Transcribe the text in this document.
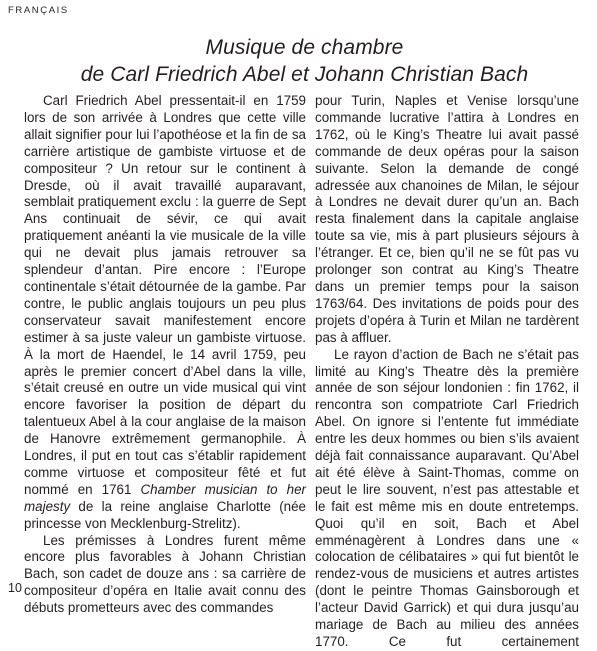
FRANÇAIS
Musique de chambre
de Carl Friedrich Abel et Johann Christian Bach

Carl Friedrich Abel pressentait-il en 1759 lors de son arrivée à Londres que cette ville allait signifier pour lui l’apothéose et la fin de sa carrière artistique de gambiste virtuose et de compositeur ? Un retour sur le continent à Dresde, où il avait travaillé auparavant, semblait pratiquement exclu : la guerre de Sept Ans continuait de sévir, ce qui avait pratiquement anéanti la vie musicale de la ville qui ne devait plus jamais retrouver sa splendeur d’antan. Pire encore : l’Europe continentale s’était détournée de la gambe. Par contre, le public anglais toujours un peu plus conservateur savait manifestement encore estimer à sa juste valeur un gambiste virtuose. À la mort de Haendel, le 14 avril 1759, peu après le premier concert d’Abel dans la ville, s’était creusé en outre un vide musical qui vint encore favoriser la position de départ du talentueux Abel à la cour anglaise de la maison de Hanovre extrêmement germanophile. À Londres, il put en tout cas s’établir rapidement comme virtuose et compositeur fêté et fut nommé en 1761 Chamber musician to her majesty de la reine anglaise Charlotte (née princesse von Mecklenburg-Strelitz).

Les prémisses à Londres furent même encore plus favorables à Johann Christian Bach, son cadet de douze ans : sa carrière de compositeur d’opéra en Italie avait connu des débuts prometteurs avec des commandes

pour Turin, Naples et Venise lorsqu’une commande lucrative l’attira à Londres en 1762, où le King’s Theatre lui avait passé commande de deux opéras pour la saison suivante. Selon la demande de congé adressée aux chanoines de Milan, le séjour à Londres ne devait durer qu’un an. Bach resta finalement dans la capitale anglaise toute sa vie, mis à part plusieurs séjours à l’étranger. Et ce, bien qu’il ne se fût pas vu prolonger son contrat au King’s Theatre dans un premier temps pour la saison 1763/64. Des invitations de poids pour des projets d’opéra à Turin et Milan ne tardèrent pas à affluer.

Le rayon d’action de Bach ne s’était pas limité au King’s Theatre dès la première année de son séjour londonien : fin 1762, il rencontra son compatriote Carl Friedrich Abel. On ignore si l’entente fut immédiate entre les deux hommes ou bien s’ils avaient déjà fait connaissance auparavant. Qu’Abel ait été élève à Saint-Thomas, comme on peut le lire souvent, n’est pas attestable et le fait est même mis en doute entretemps. Quoi qu’il en soit, Bach et Abel emménagèrent à Londres dans une « colocation de célibataires » qui fut bientôt le rendez-vous de musiciens et autres artistes (dont le peintre Thomas Gainsborough et l’acteur David Garrick) et qui dura jusqu’au mariage de Bach au milieu des années 1770. Ce fut certainement

10
